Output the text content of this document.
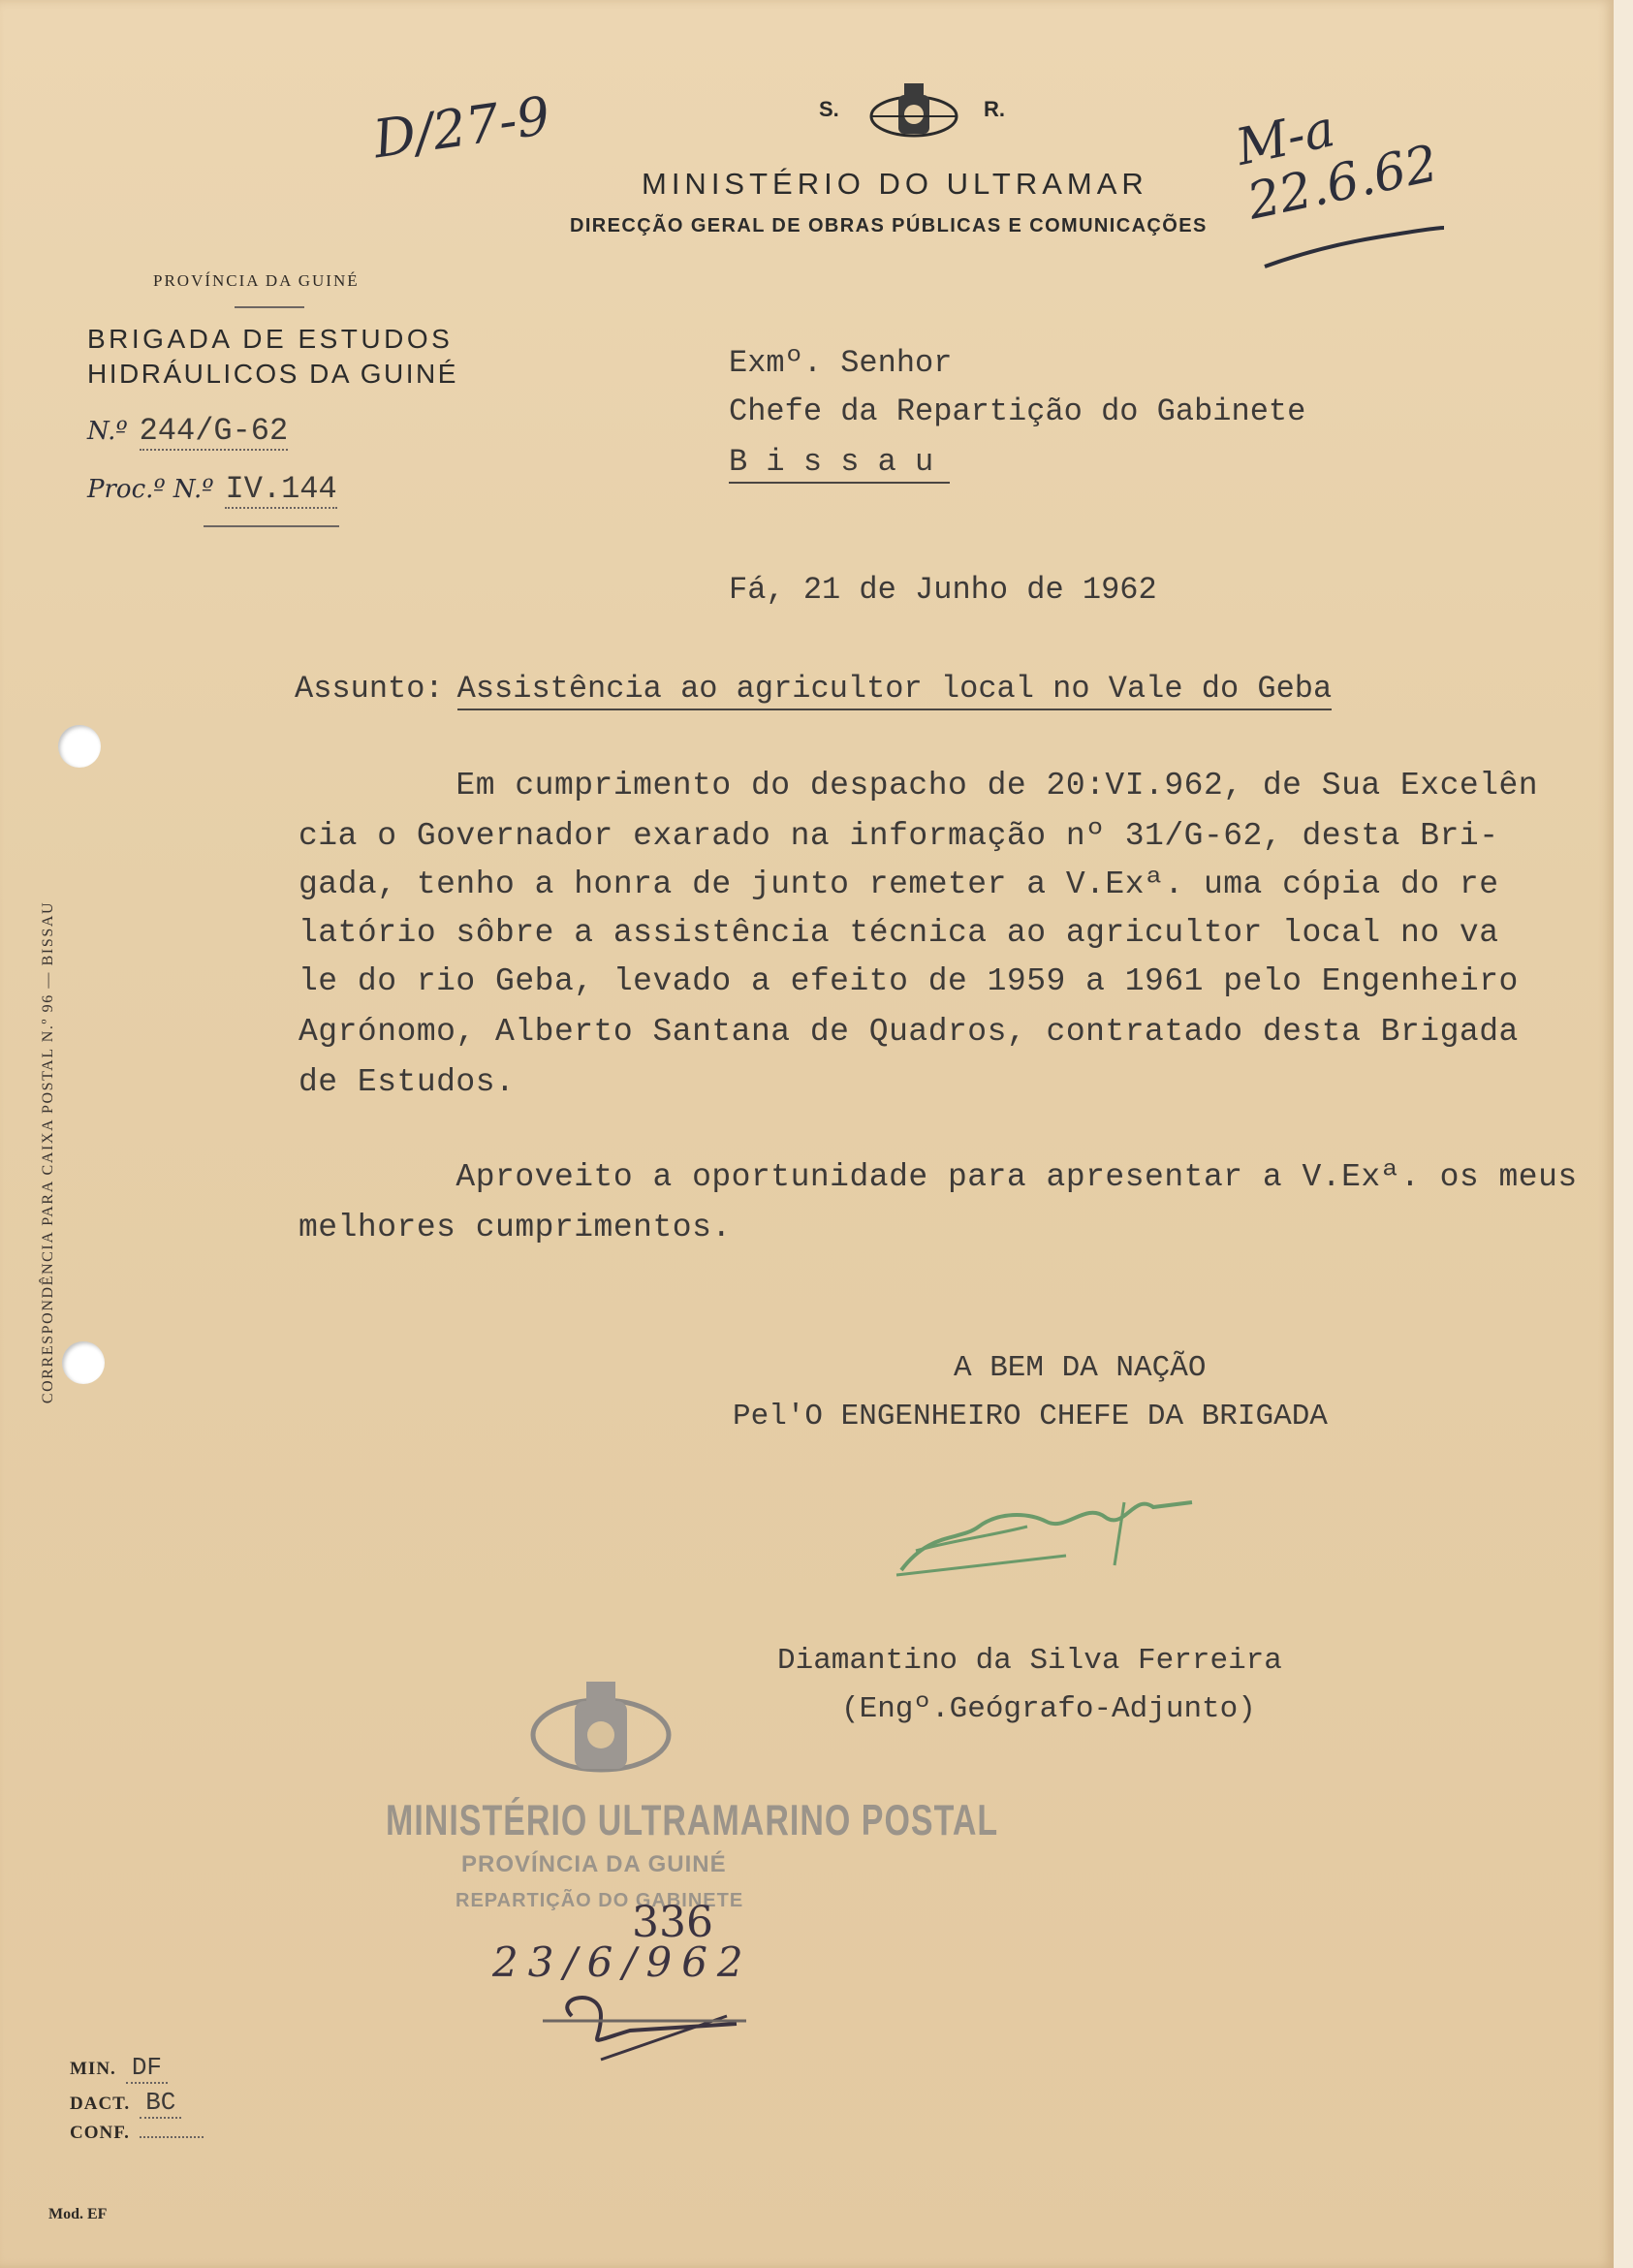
D/27-9	M-a 22.6.62
S.	R.
MINISTÉRIO DO ULTRAMAR
DIRECÇÃO GERAL DE OBRAS PÚBLICAS E COMUNICAÇÕES
PROVÍNCIA DA GUINÉ
BRIGADA DE ESTUDOS
HIDRÁULICOS DA GUINÉ
N.º 244/G-62
Proc.º N.º IV.144
Exmº. Senhor
Chefe da Repartição do Gabinete
B i s s a u
Fá, 21 de Junho de 1962
Assunto: Assistência ao agricultor local no Vale do Geba
Em cumprimento do despacho de 20:VI.962, de Sua Excelên
cia o Governador exarado na informação nº 31/G-62, desta Bri-
gada, tenho a honra de junto remeter a V.Exª. uma cópia do re
latório sôbre a assistência técnica ao agricultor local no va
le do rio Geba, levado a efeito de 1959 a 1961 pelo Engenheiro
Agrónomo, Alberto Santana de Quadros, contratado desta Brigada
de Estudos.
Aproveito a oportunidade para apresentar a V.Exª. os meus
melhores cumprimentos.
A BEM DA NAÇÃO
Pel'O ENGENHEIRO CHEFE DA BRIGADA
Diamantino da Silva Ferreira
(Engº.Geógrafo-Adjunto)
CORRESPONDÊNCIA PARA CAIXA POSTAL N.º 96 — BISSAU
MINISTÉRIO ULTRAMARINO POSTAL
PROVÍNCIA DA GUINÉ
REPARTIÇÃO DO GABINETE
336
23/6/962
MIN. DF
DACT. BC
CONF.
Mod. EF
